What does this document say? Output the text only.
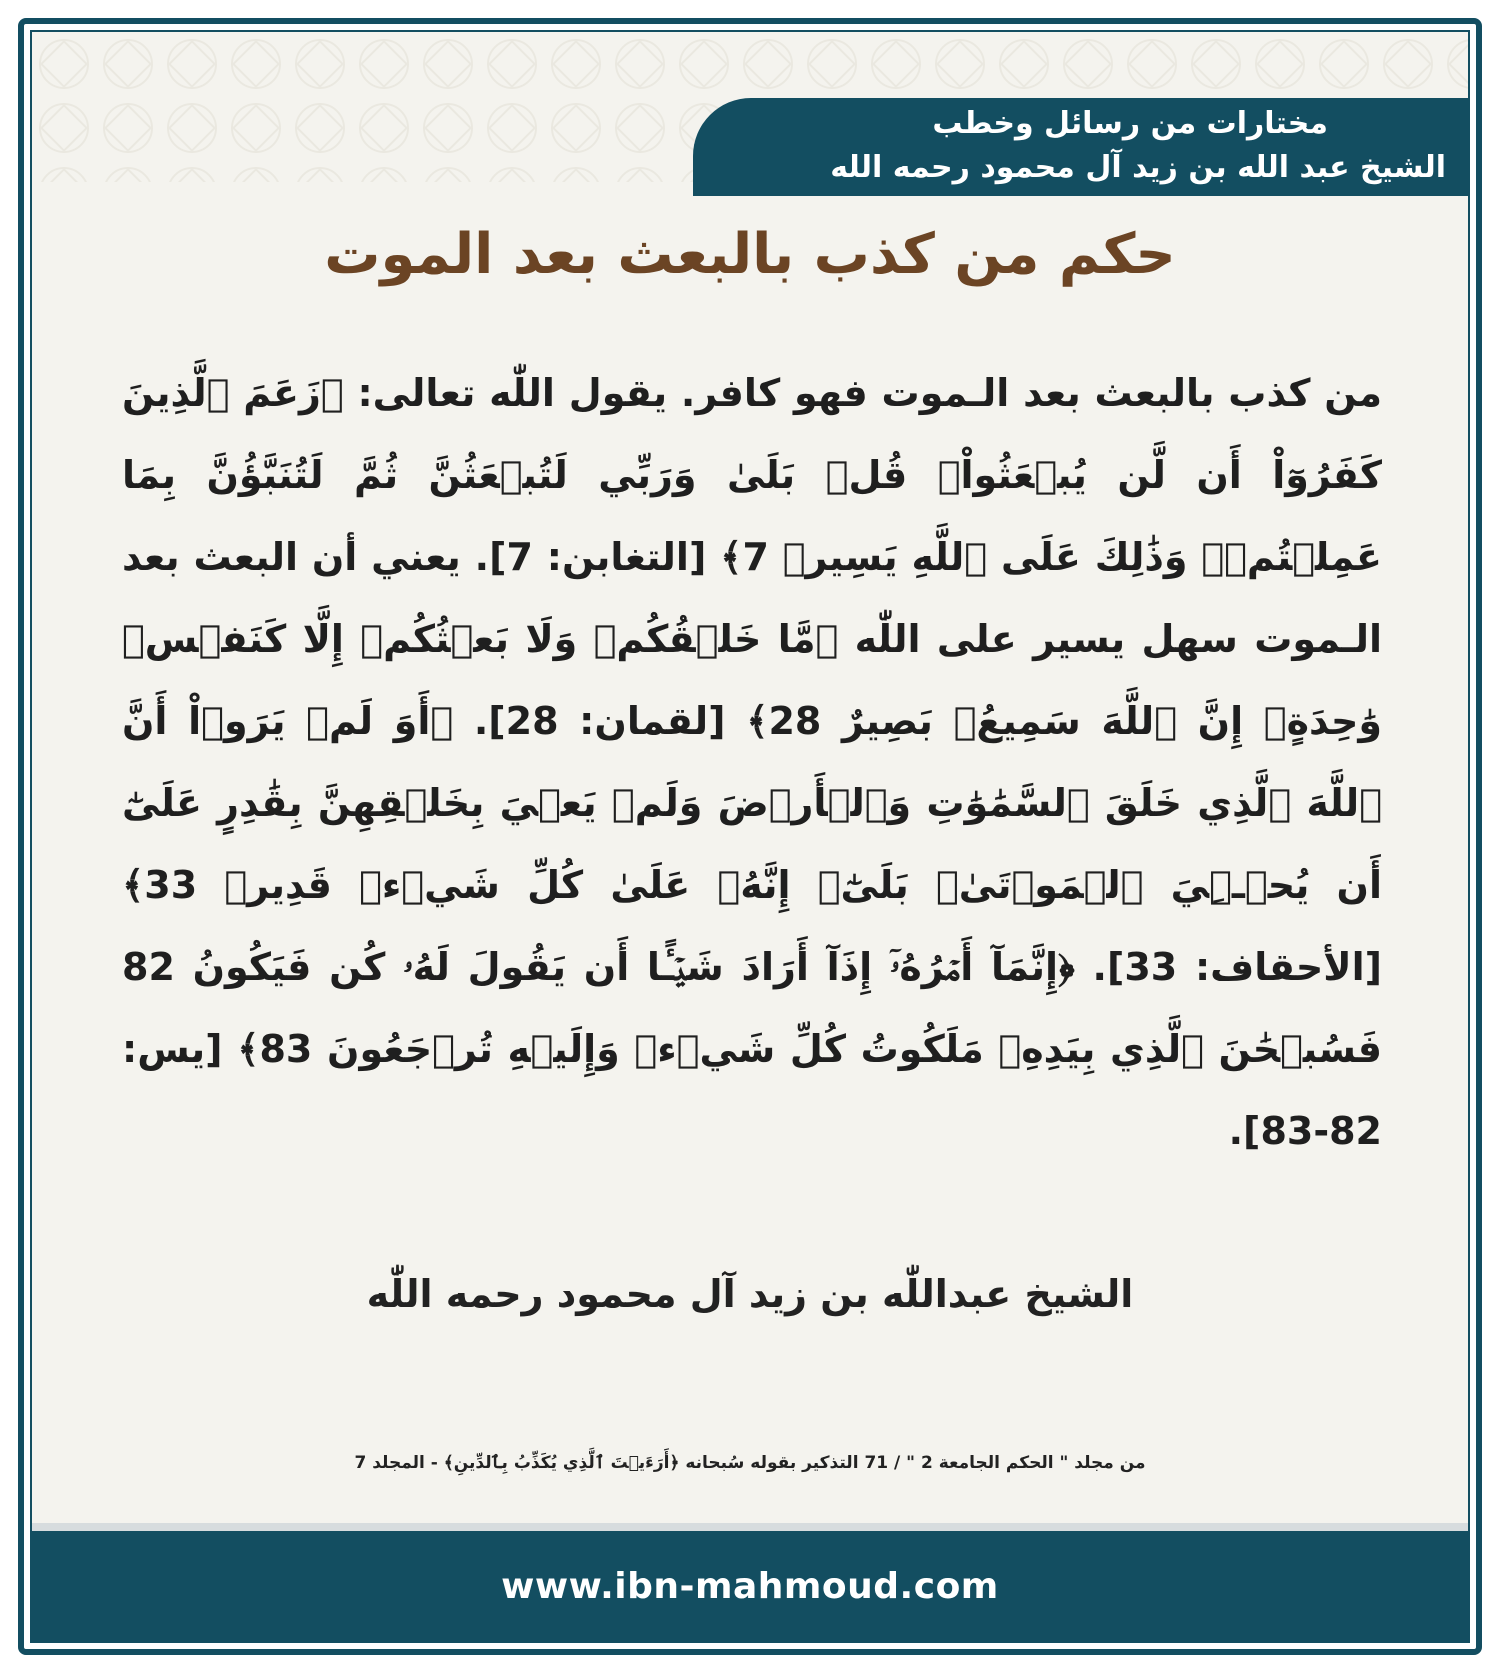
مختارات من رسائل وخطب
الشيخ عبد الله بن زيد آل محمود رحمه الله
حكم من كذب بالبعث بعد الموت
من كذب بالبعث بعد الـموت فهو كافر. يقول اللّٰه تعالى: ﴿زَعَمَ ٱلَّذِينَ كَفَرُوٓاْ أَن لَّن يُبۡعَثُواْۚ قُلۡ بَلَىٰ وَرَبِّي لَتُبۡعَثُنَّ ثُمَّ لَتُنَبَّؤُنَّ بِمَا عَمِلۡتُمۡۚ وَذَٰلِكَ عَلَى ٱللَّهِ يَسِيرٞ 7﴾ [التغابن: 7]. يعني أن البعث بعد الـموت سهل يسير على اللّٰه ﴿مَّا خَلۡقُكُمۡ وَلَا بَعۡثُكُمۡ إِلَّا كَنَفۡسٖ وَٰحِدَةٍۚ إِنَّ ٱللَّهَ سَمِيعُۢ بَصِيرٌ 28﴾ [لقمان: 28]. ﴿أَوَ لَمۡ يَرَوۡاْ أَنَّ ٱللَّهَ ٱلَّذِي خَلَقَ ٱلسَّمَٰوَٰتِ وَٱلۡأَرۡضَ وَلَمۡ يَعۡيَ بِخَلۡقِهِنَّ بِقَٰدِرٍ عَلَىٰٓ أَن يُحۡـِۧيَ ٱلۡمَوۡتَىٰۚ بَلَىٰٓۚ إِنَّهُۥ عَلَىٰ كُلِّ شَيۡءٖ قَدِيرٞ 33﴾ [الأحقاف: 33]. ﴿إِنَّمَآ أَمۡرُهُۥٓ إِذَآ أَرَادَ شَيۡـًٔا أَن يَقُولَ لَهُۥ كُن فَيَكُونُ 82 فَسُبۡحَٰنَ ٱلَّذِي بِيَدِهِۦ مَلَكُوتُ كُلِّ شَيۡءٖ وَإِلَيۡهِ تُرۡجَعُونَ 83﴾ [يس: 82-83].
الشيخ عبداللّٰه بن زيد آل محمود رحمه اللّٰه
من مجلد " الحكم الجامعة 2 " / 71 التذكير بقوله سُبحانه ﴿أَرَءَيۡتَ ٱلَّذِي يُكَذِّبُ بِٱلدِّينِ﴾ - المجلد 7
www.ibn-mahmoud.com
